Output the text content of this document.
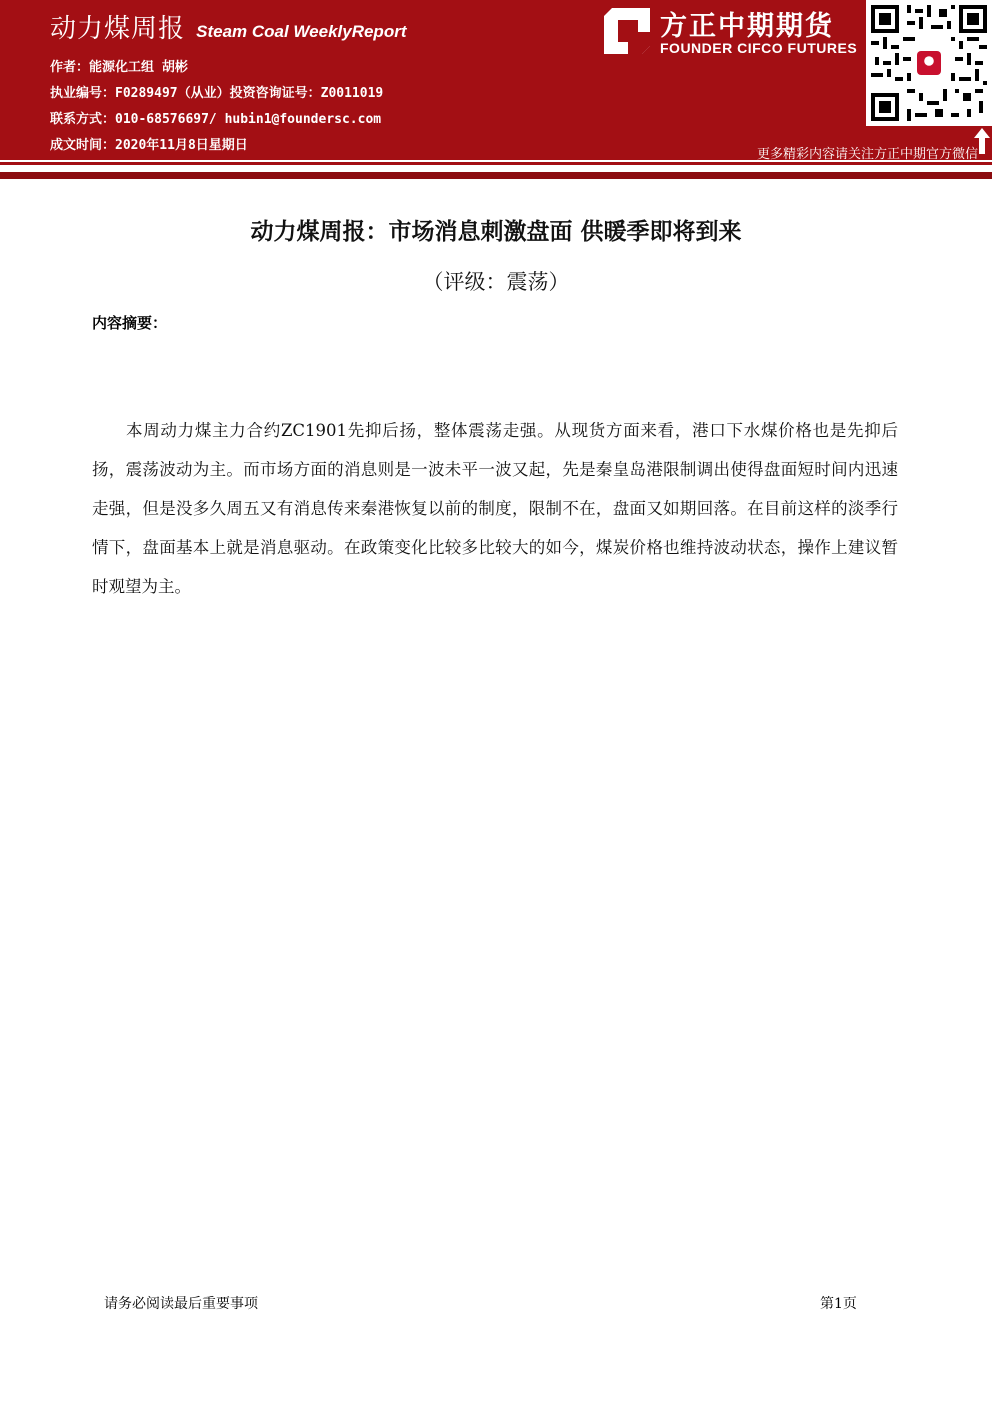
动力煤周报 Steam Coal WeeklyReport
作者：能源化工组 胡彬
执业编号：F0289497（从业）投资咨询证号：Z0011019
联系方式：010-68576697/ hubin1@foundersc.com
成文时间：2020年11月8日星期日
方正中期期货
FOUNDER CIFCO FUTURES
更多精彩内容请关注方正中期官方微信
动力煤周报：市场消息刺激盘面 供暖季即将到来
（评级：震荡）
内容摘要：
本周动力煤主力合约ZC1901先抑后扬，整体震荡走强。从现货方面来看，港口下水煤价格也是先抑后扬，震荡波动为主。而市场方面的消息则是一波未平一波又起，先是秦皇岛港限制调出使得盘面短时间内迅速走强，但是没多久周五又有消息传来秦港恢复以前的制度，限制不在，盘面又如期回落。在目前这样的淡季行情下，盘面基本上就是消息驱动。在政策变化比较多比较大的如今，煤炭价格也维持波动状态，操作上建议暂时观望为主。
请务必阅读最后重要事项	第1页
